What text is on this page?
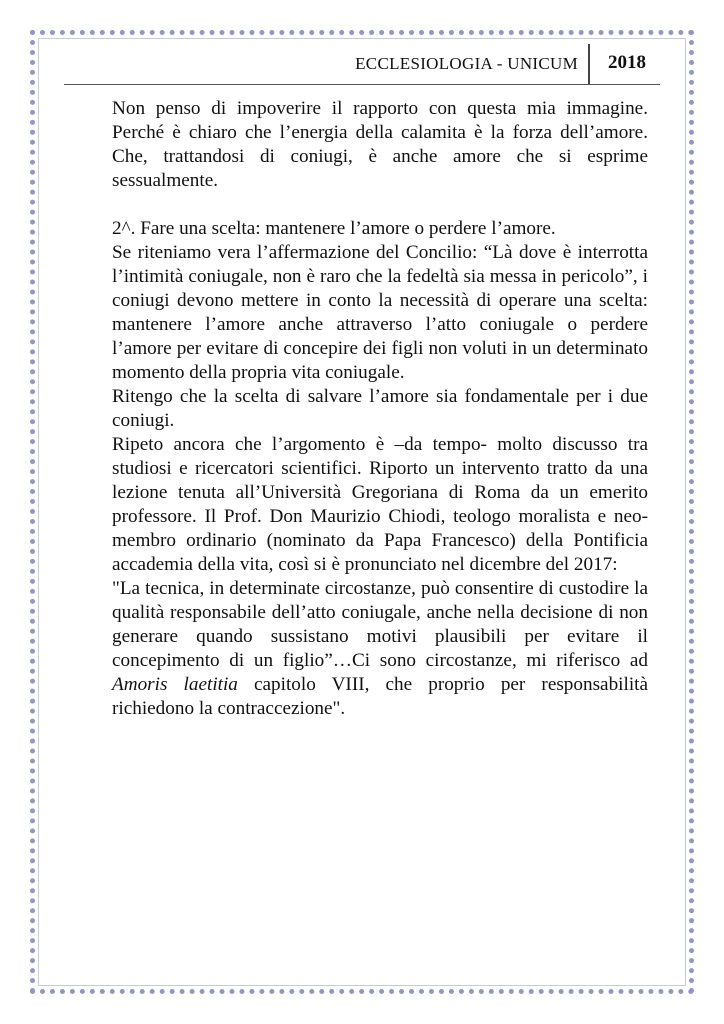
ECCLESIOLOGIA - UNICUM 2018

Non penso di impoverire il rapporto con questa mia immagine. Perché è chiaro che l’energia della calamita è la forza dell’amore. Che, trattandosi di coniugi, è anche amore che si esprime sessualmente.

2^. Fare una scelta: mantenere l’amore o perdere l’amore.

Se riteniamo vera l’affermazione del Concilio: “Là dove è interrotta l’intimità coniugale, non è raro che la fedeltà sia messa in pericolo”, i coniugi devono mettere in conto la necessità di operare una scelta: mantenere l’amore anche attraverso l’atto coniugale o perdere l’amore per evitare di concepire dei figli non voluti in un determinato momento della propria vita coniugale.

Ritengo che la scelta di salvare l’amore sia fondamentale per i due coniugi.

Ripeto ancora che l’argomento è –da tempo- molto discusso tra studiosi e ricercatori scientifici. Riporto un intervento tratto da una lezione tenuta all’Università Gregoriana di Roma da un emerito professore. Il Prof. Don Maurizio Chiodi, teologo moralista e neo-membro ordinario (nominato da Papa Francesco) della Pontificia accademia della vita, così si è pronunciato nel dicembre del 2017:

"La tecnica, in determinate circostanze, può consentire di custodire la qualità responsabile dell’atto coniugale, anche nella decisione di non generare quando sussistano motivi plausibili per evitare il concepimento di un figlio”…Ci sono circostanze, mi riferisco ad Amoris laetitia capitolo VIII, che proprio per responsabilità richiedono la contraccezione".
